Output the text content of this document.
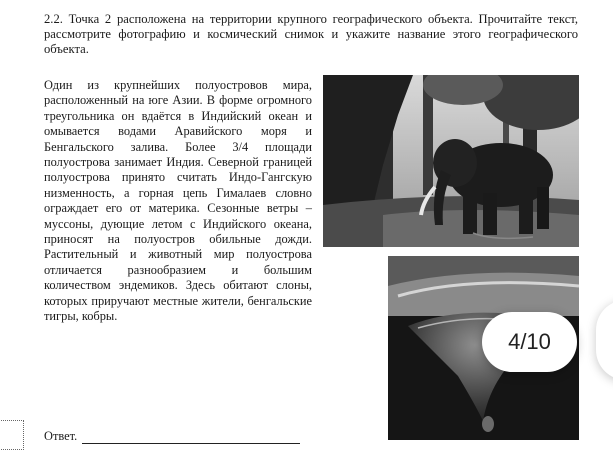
2.2. Точка 2 расположена на территории крупного географического объекта. Прочитайте текст, рассмотрите фотографию и космический снимок и укажите название этого географического объекта.
Один из крупнейших полуостровов мира, расположенный на юге Азии. В форме огромного треугольника он вдаётся в Индийский океан и омывается водами Аравийского моря и Бенгальского залива. Более 3/4 площади полуострова занимает Индия. Северной границей полуострова принято считать Индо-Гангскую низменность, а горная цепь Гималаев словно ограждает его от материка. Сезонные ветры – муссоны, дующие летом с Индийского океана, приносят на полуостров обильные дожди. Растительный и животный мир полуострова отличается разнообразием и большим количеством эндемиков. Здесь обитают слоны, которых приручают местные жители, бенгальские тигры, кобры.
4/10
Ответ.
